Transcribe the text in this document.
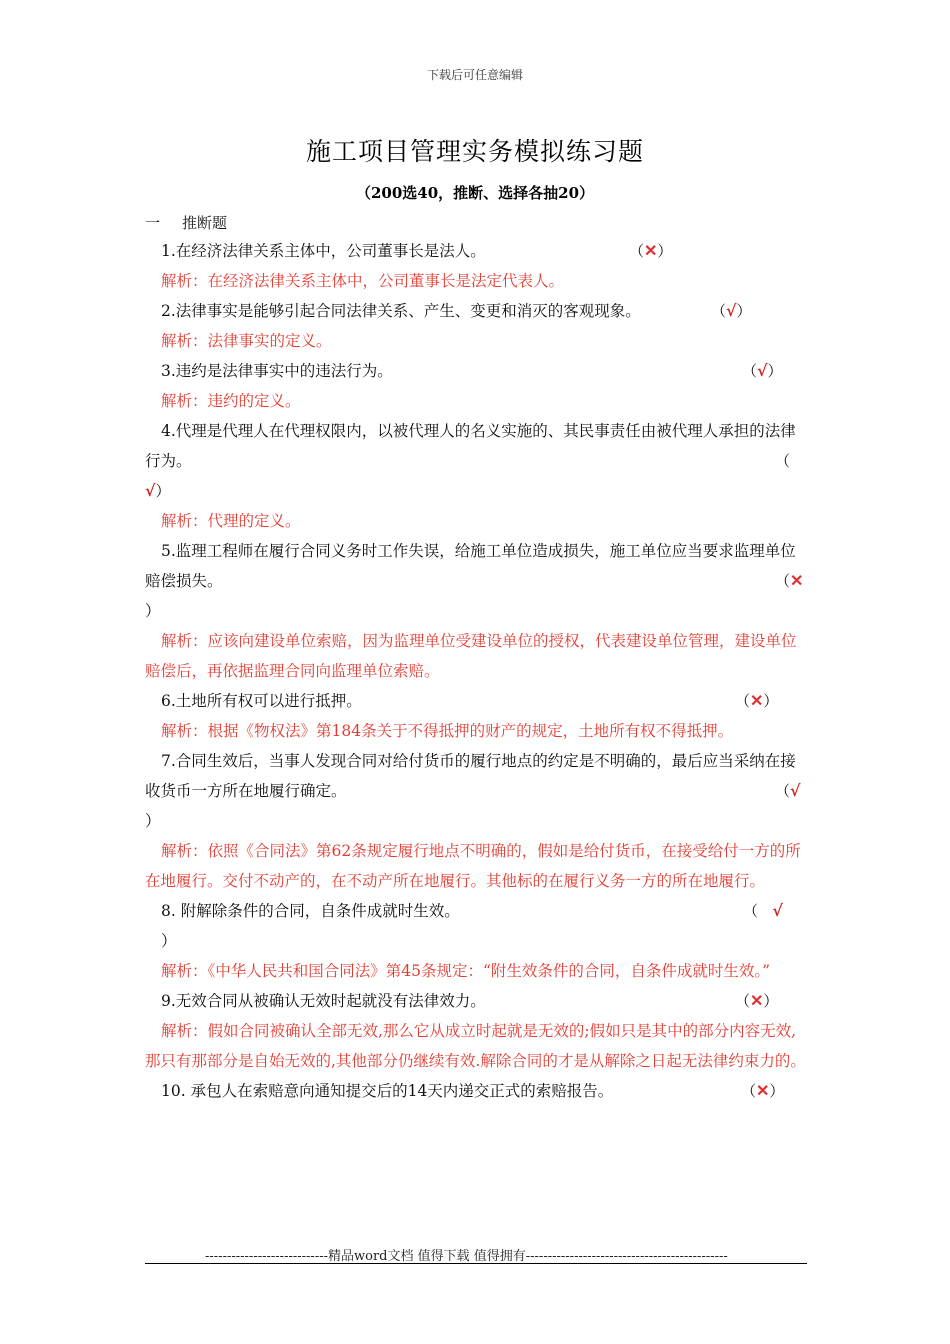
下载后可任意编辑
施工项目管理实务模拟练习题
（200选40，推断、选择各抽20）
一 推断题
1.在经济法律关系主体中，公司董事长是法人。	（✕）
解析：在经济法律关系主体中，公司董事长是法定代表人。
2.法律事实是能够引起合同法律关系、产生、变更和消灭的客观现象。	（√）
解析：法律事实的定义。
3.违约是法律事实中的违法行为。	（√）
解析：违约的定义。
4.代理是代理人在代理权限内，以被代理人的名义实施的、其民事责任由被代理人承担的法律行为。	（
√）
解析：代理的定义。
5.监理工程师在履行合同义务时工作失误，给施工单位造成损失，施工单位应当要求监理单位赔偿损失。	（✕
）
解析：应该向建设单位索赔，因为监理单位受建设单位的授权，代表建设单位管理，建设单位赔偿后，再依据监理合同向监理单位索赔。
6.土地所有权可以进行抵押。	（✕）
解析：根据《物权法》第184条关于不得抵押的财产的规定，土地所有权不得抵押。
7.合同生效后，当事人发现合同对给付货币的履行地点的约定是不明确的，最后应当采纳在接收货币一方所在地履行确定。	（√
）
解析：依照《合同法》第62条规定履行地点不明确的，假如是给付货币，在接受给付一方的所在地履行。交付不动产的，在不动产所在地履行。其他标的在履行义务一方的所在地履行。
8. 附解除条件的合同，自条件成就时生效。	（ √
）
解析：《中华人民共和国合同法》第45条规定：“附生效条件的合同，自条件成就时生效。”
9.无效合同从被确认无效时起就没有法律效力。	（✕）
解析：假如合同被确认全部无效,那么它从成立时起就是无效的;假如只是其中的部分内容无效,那只有那部分是自始无效的,其他部分仍继续有效.解除合同的才是从解除之日起无法律约束力的。
10. 承包人在索赔意向通知提交后的14天内递交正式的索赔报告。	（✕）
----------------------------精品word文档 值得下载 值得拥有----------------------------------------------
